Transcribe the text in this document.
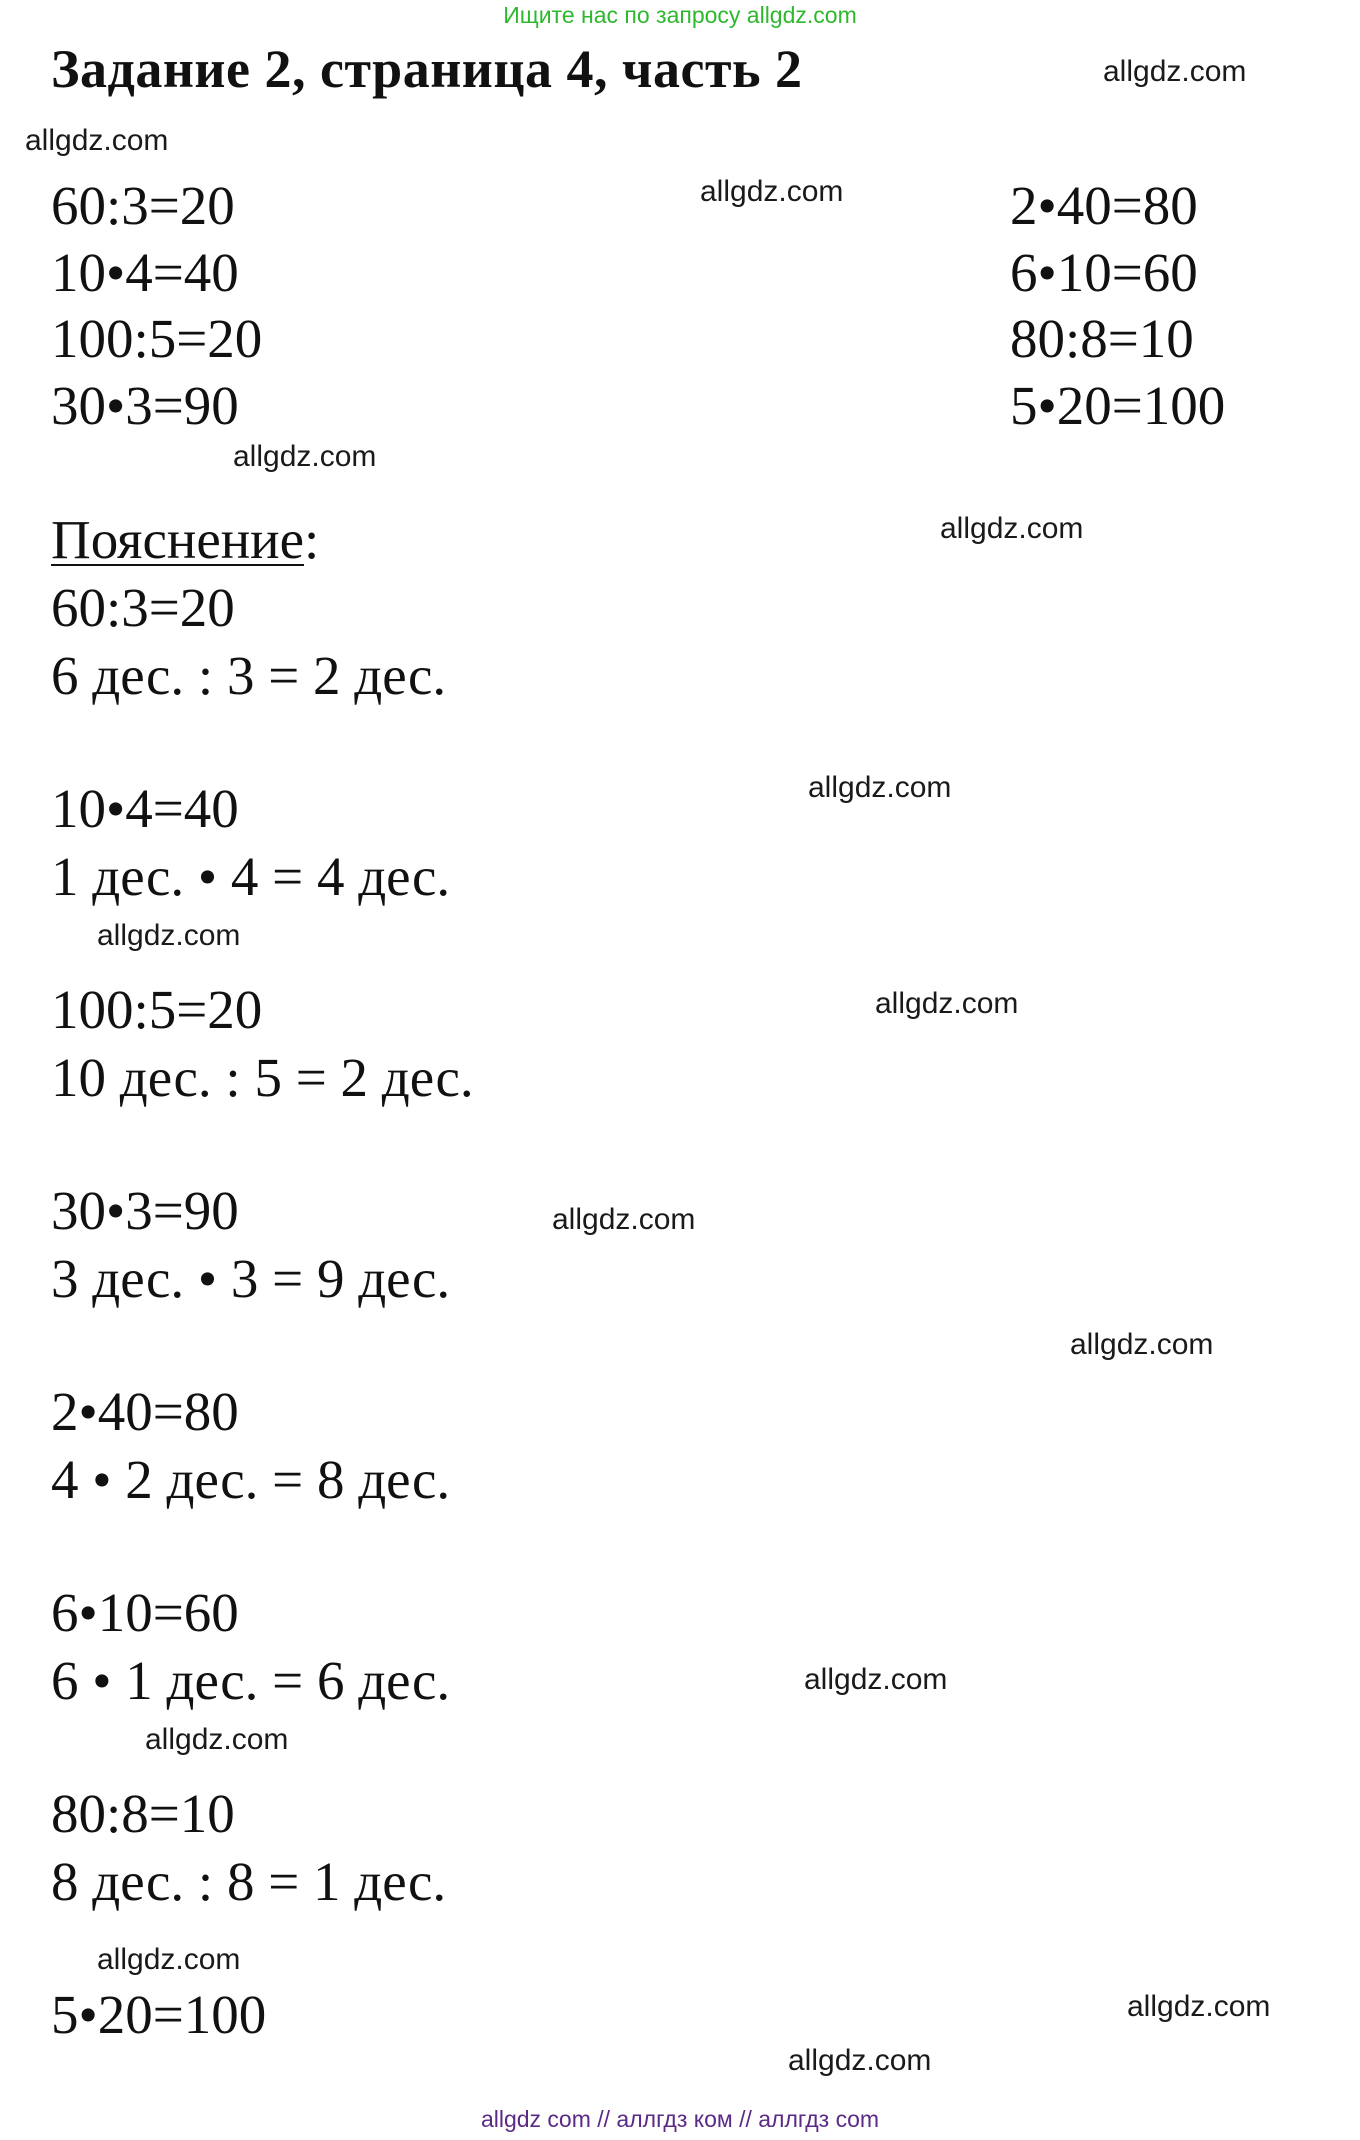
Ищите нас по запросу allgdz.com
Задание 2, страница 4, часть 2	allgdz.com
allgdz.com
allgdz.com
allgdz.com
allgdz.com
allgdz.com
allgdz.com
allgdz.com
allgdz.com
allgdz.com
allgdz.com
allgdz.com
allgdz.com
allgdz.com
allgdz.com
60:3=20
10•4=40
100:5=20
30•3=90
2•40=80
6•10=60
80:8=10
5•20=100
Пояснение:
60:3=20
6 дес. : 3 = 2 дес.
10•4=40
1 дес. • 4 = 4 дес.
100:5=20
10 дес. : 5 = 2 дес.
30•3=90
3 дес. • 3 = 9 дес.
2•40=80
4 • 2 дес. = 8 дес.
6•10=60
6 • 1 дес. = 6 дес.
80:8=10
8 дес. : 8 = 1 дес.
5•20=100
allgdz com // аллгдз ком // аллгдз com
